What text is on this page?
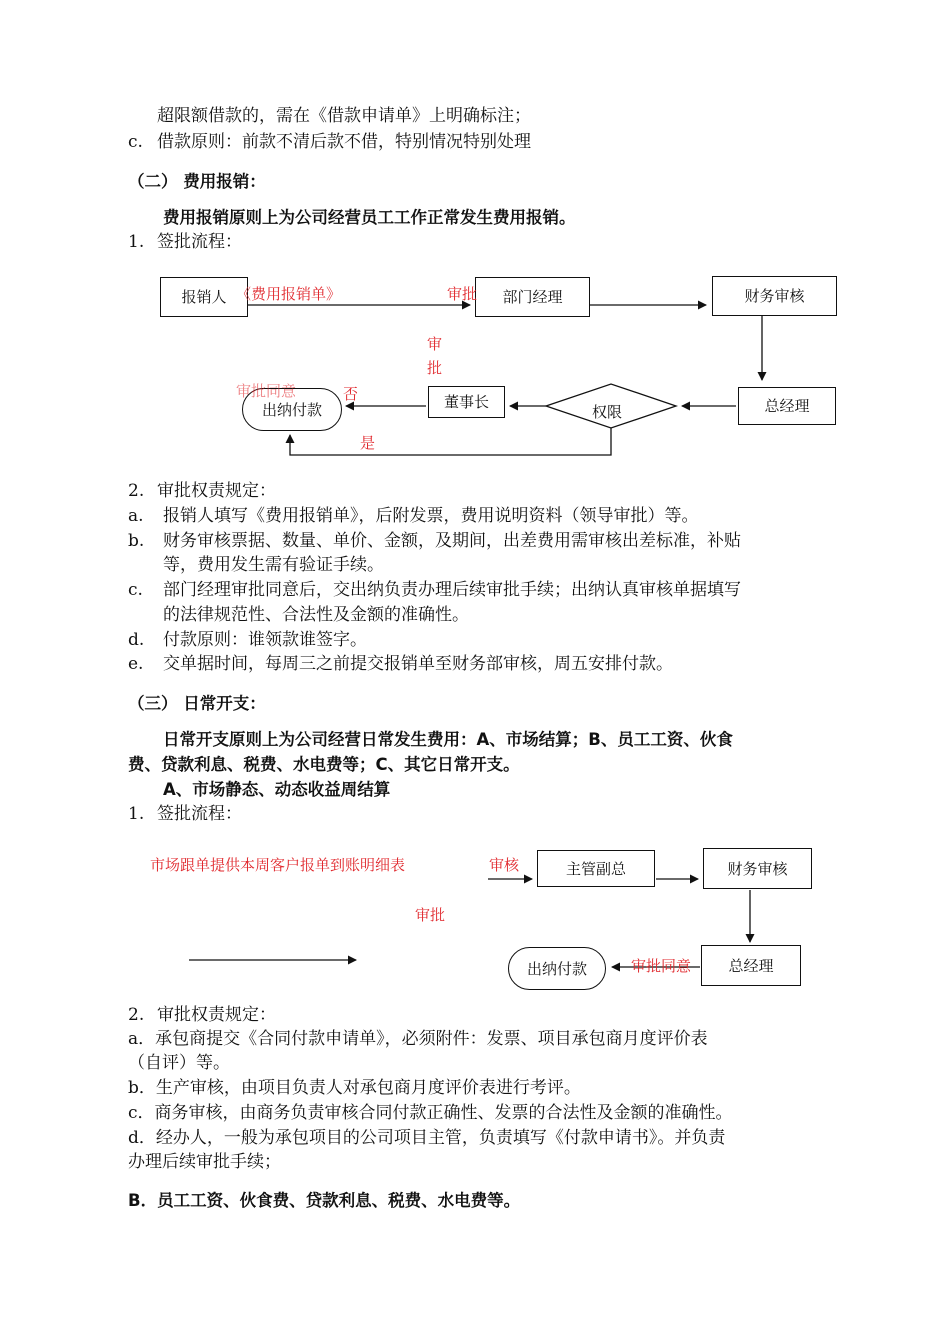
超限额借款的，需在《借款申请单》上明确标注；
c. 借款原则：前款不清后款不借，特别情况特别处理
（二） 费用报销：
费用报销原则上为公司经营员工工作正常发生费用报销。
1. 签批流程：
报销人	部门经理	财务审核
总经理
权限
董事长
出纳付款
《费用报销单》	审批
审
批
审批同意	否
是
2. 审批权责规定：
a. 报销人填写《费用报销单》，后附发票，费用说明资料（领导审批）等。
b. 财务审核票据、数量、单价、金额，及期间，出差费用需审核出差标准，补贴
等，费用发生需有验证手续。
c. 部门经理审批同意后，交出纳负责办理后续审批手续；出纳认真审核单据填写
的法律规范性、合法性及金额的准确性。
d. 付款原则：谁领款谁签字。
e. 交单据时间，每周三之前提交报销单至财务部审核，周五安排付款。
（三） 日常开支：
日常开支原则上为公司经营日常发生费用：A、市场结算；B、员工工资、伙食
费、贷款利息、税费、水电费等；C、其它日常开支。
A、市场静态、动态收益周结算
1. 签批流程：
市场跟单提供本周客户报单到账明细表	审核	主管副总	财务审核
审批
总经理
审批同意
出纳付款
2. 审批权责规定：
a．承包商提交《合同付款申请单》，必须附件：发票、项目承包商月度评价表
（自评）等。
b．生产审核，由项目负责人对承包商月度评价表进行考评。
c．商务审核，由商务负责审核合同付款正确性、发票的合法性及金额的准确性。
d．经办人，一般为承包项目的公司项目主管，负责填写《付款申请书》。并负责
办理后续审批手续；
B．员工工资、伙食费、贷款利息、税费、水电费等。
